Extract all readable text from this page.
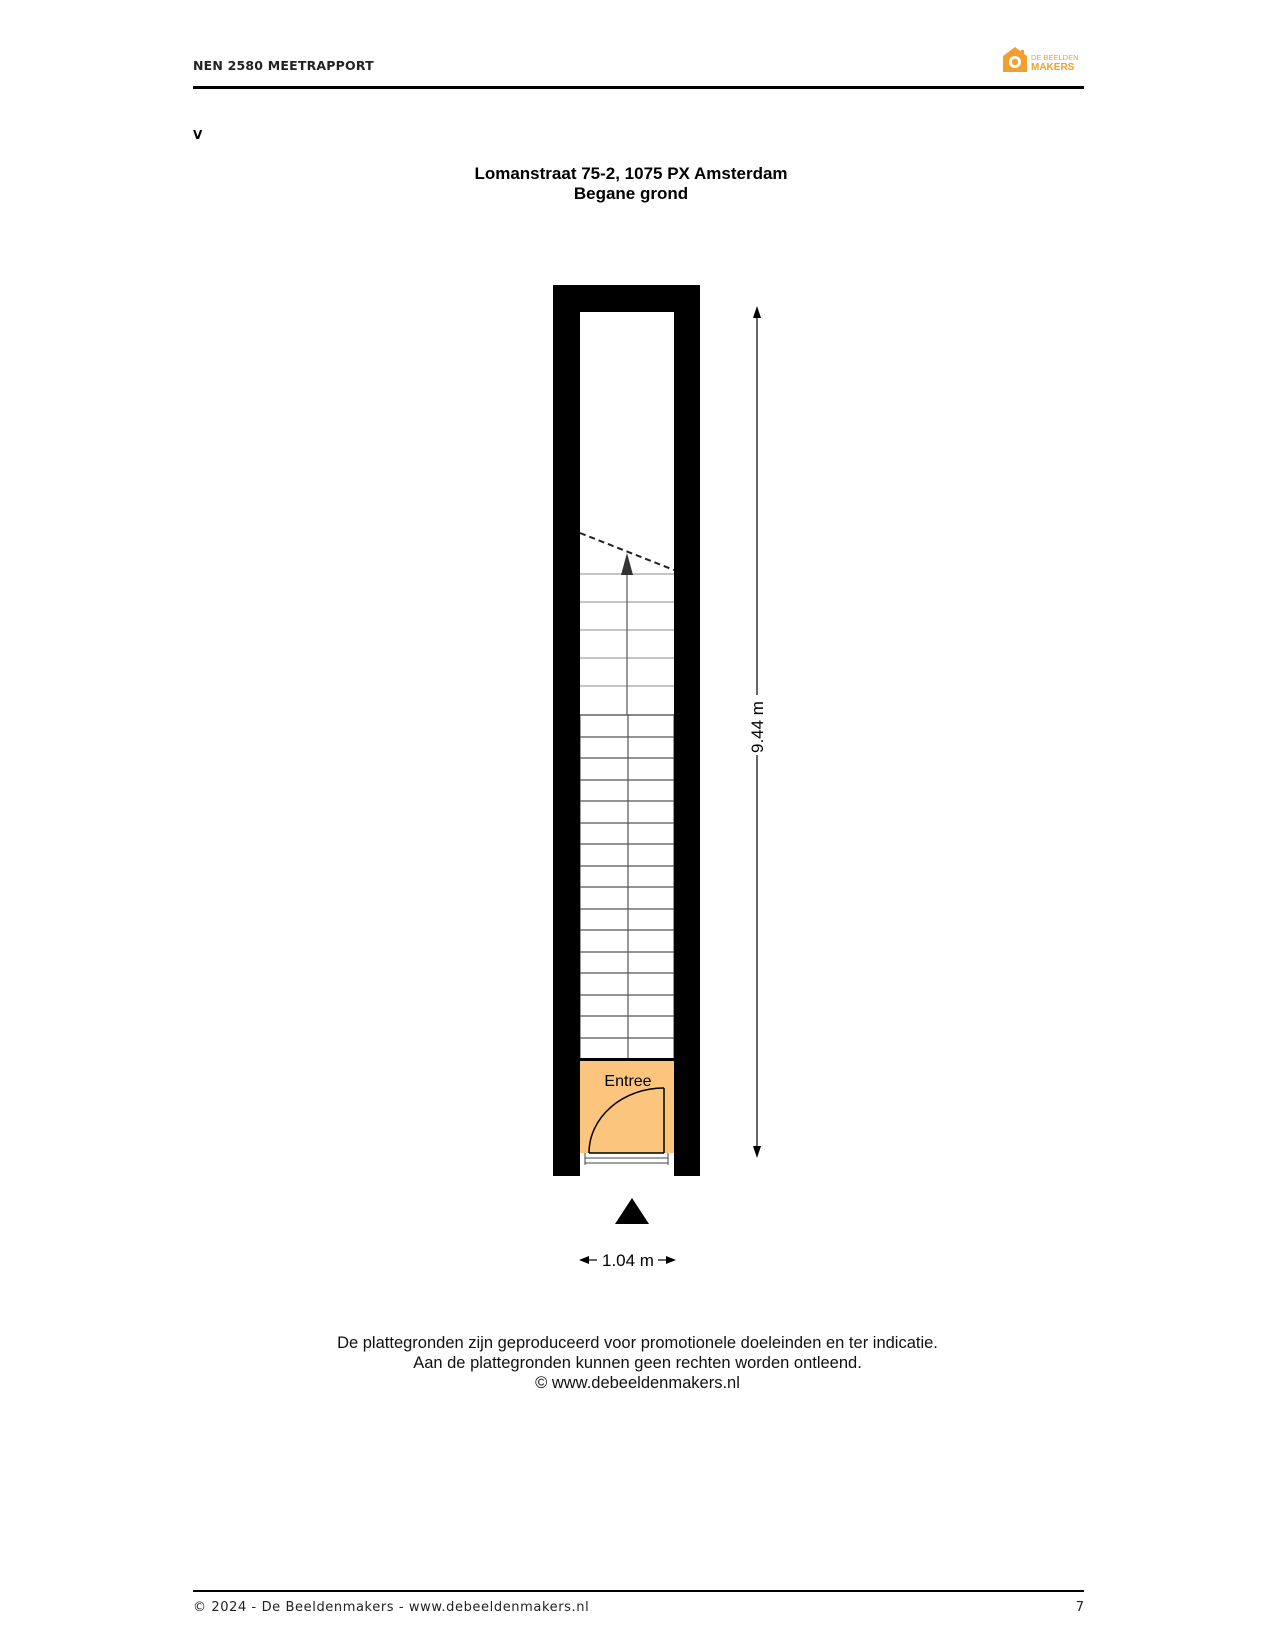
NEN 2580 MEETRAPPORT
DE BEELDEN
MAKERS
V
Lomanstraat 75-2, 1075 PX Amsterdam
Begane grond
Entree
9.44 m
1.04 m
De plattegronden zijn geproduceerd voor promotionele doeleinden en ter indicatie.
Aan de plattegronden kunnen geen rechten worden ontleend.
© www.debeeldenmakers.nl
© 2024 - De Beeldenmakers - www.debeeldenmakers.nl	7
